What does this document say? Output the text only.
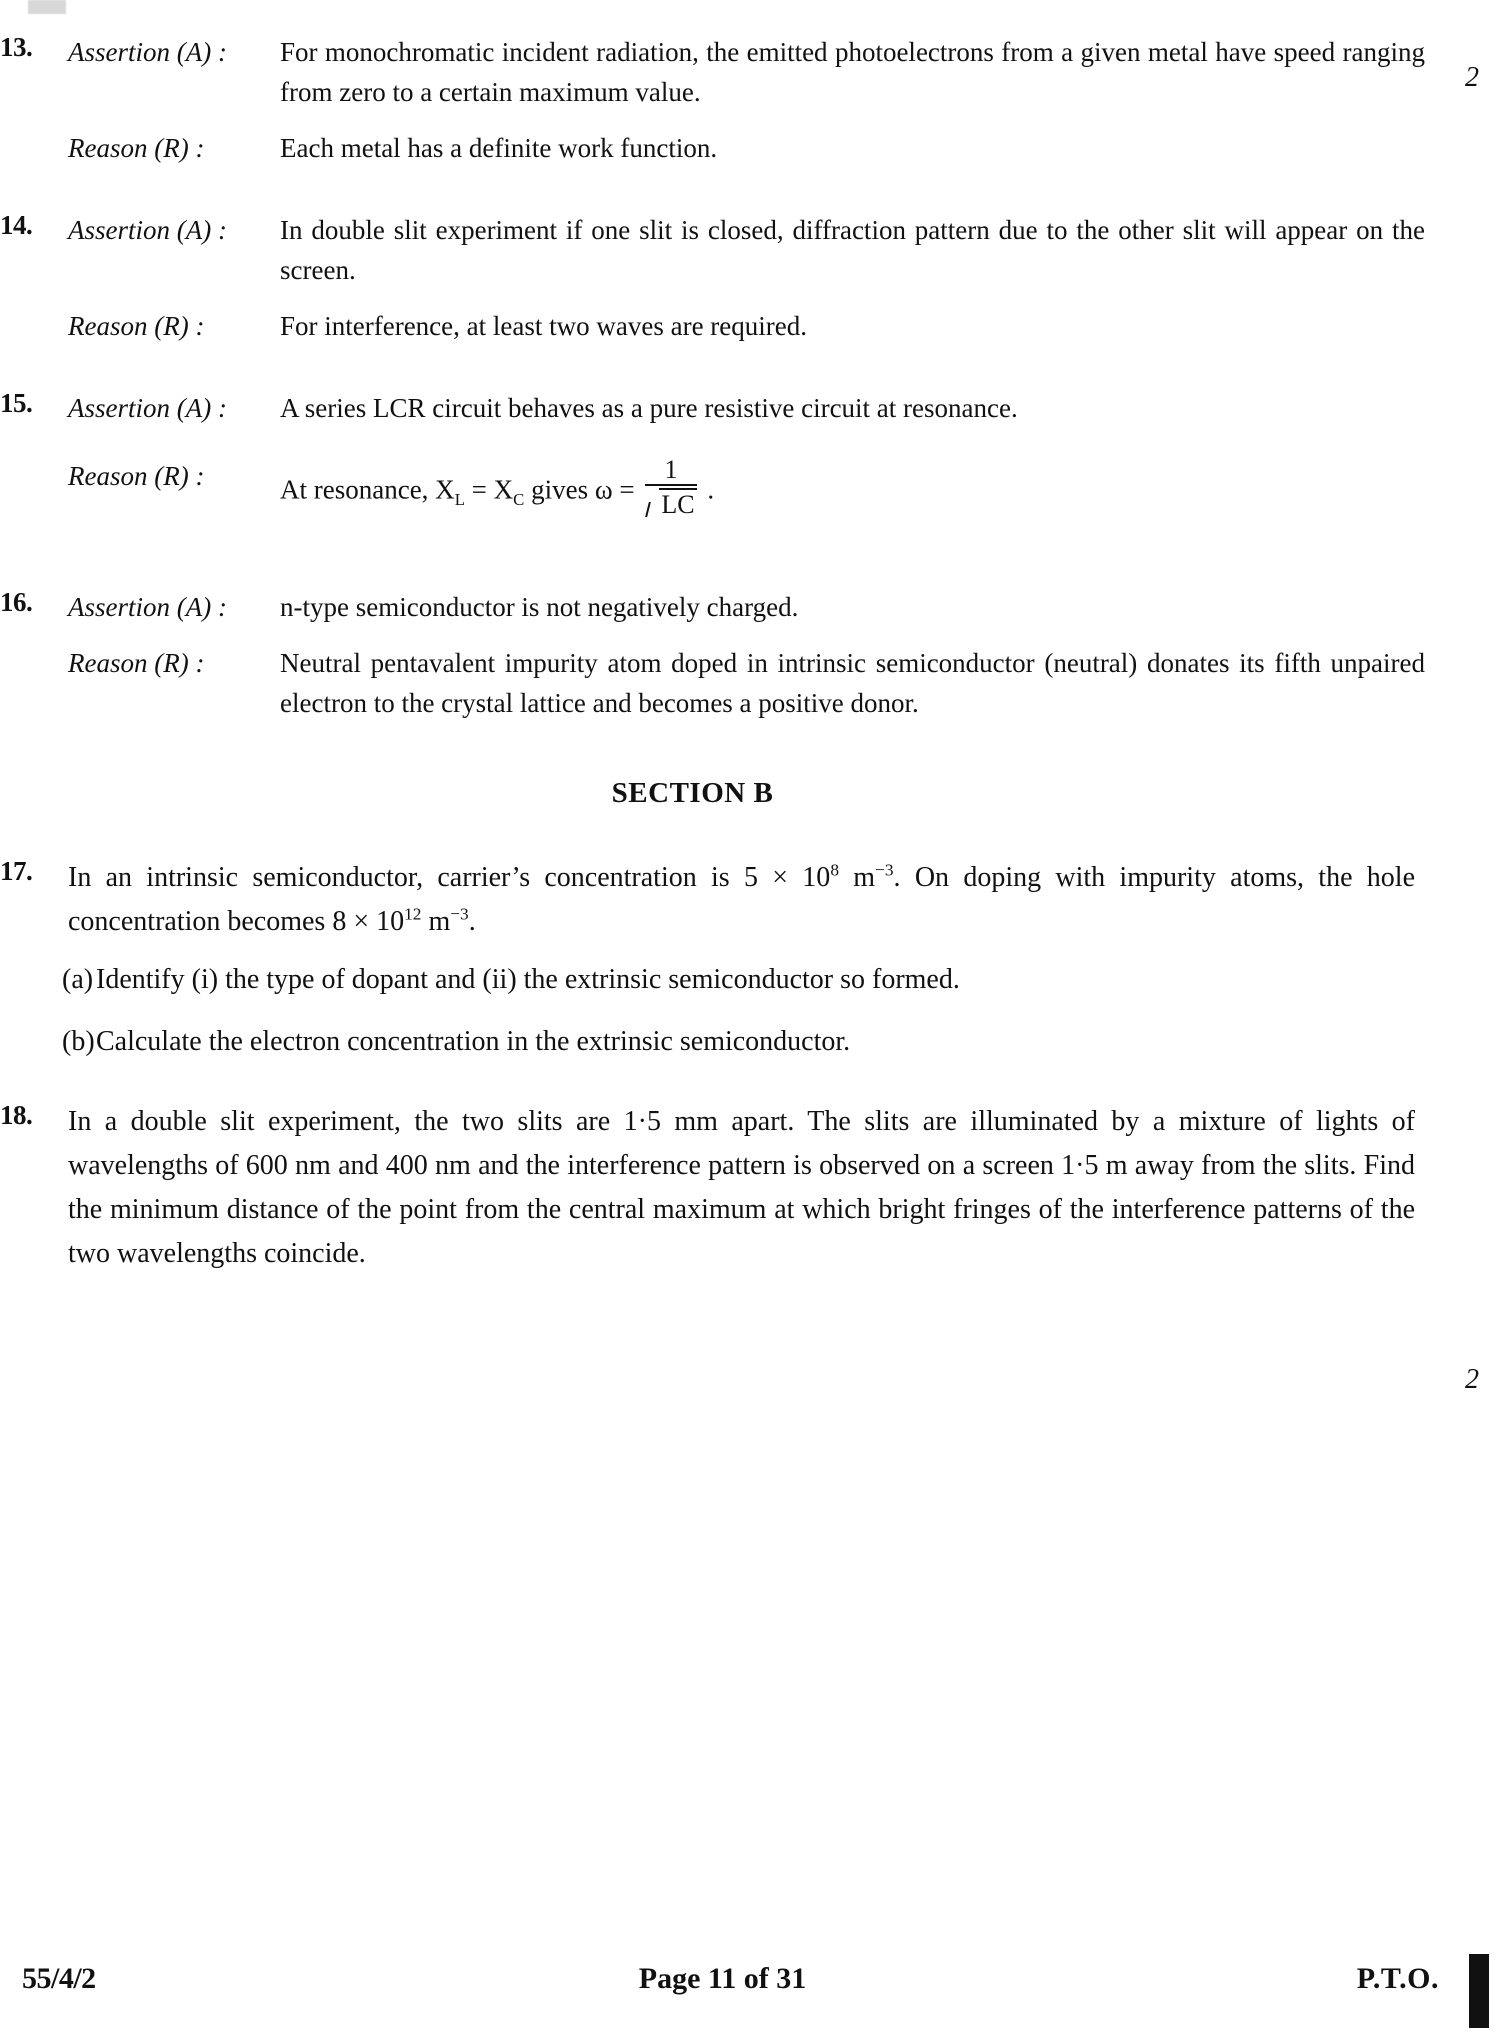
13.	Assertion (A) :	For monochromatic incident radiation, the emitted photoelectrons from a given metal have speed ranging from zero to a certain maximum value.
Reason (R) :	Each metal has a definite work function.
14.	Assertion (A) :	In double slit experiment if one slit is closed, diffraction pattern due to the other slit will appear on the screen.
Reason (R) :	For interference, at least two waves are required.
15.	Assertion (A) :	A series LCR circuit behaves as a pure resistive circuit at resonance.
Reason (R) :	At resonance, $X_L = X_C$ gives $\omega = \frac{1}{LC}$ .
16.	Assertion (A) :	n-type semiconductor is not negatively charged.
Reason (R) :	Neutral pentavalent impurity atom doped in intrinsic semiconductor (neutral) donates its fifth unpaired electron to the crystal lattice and becomes a positive donor.
SECTION B
17.	In an intrinsic semiconductor, carrier’s concentration is $5 \times 10^8$ $m^{-3}$. On doping with impurity atoms, the hole concentration becomes $8 \times 10^{12}$ $m^{-3}$.
(a) Identify (i) the type of dopant and (ii) the extrinsic semiconductor so formed.
(b) Calculate the electron concentration in the extrinsic semiconductor.
2
18.	In a double slit experiment, the two slits are 1·5 mm apart. The slits are illuminated by a mixture of lights of wavelengths of 600 nm and 400 nm and the interference pattern is observed on a screen 1·5 m away from the slits. Find the minimum distance of the point from the central maximum at which bright fringes of the interference patterns of the two wavelengths coincide.
2
55/4/2	Page 11 of 31	P.T.O.
